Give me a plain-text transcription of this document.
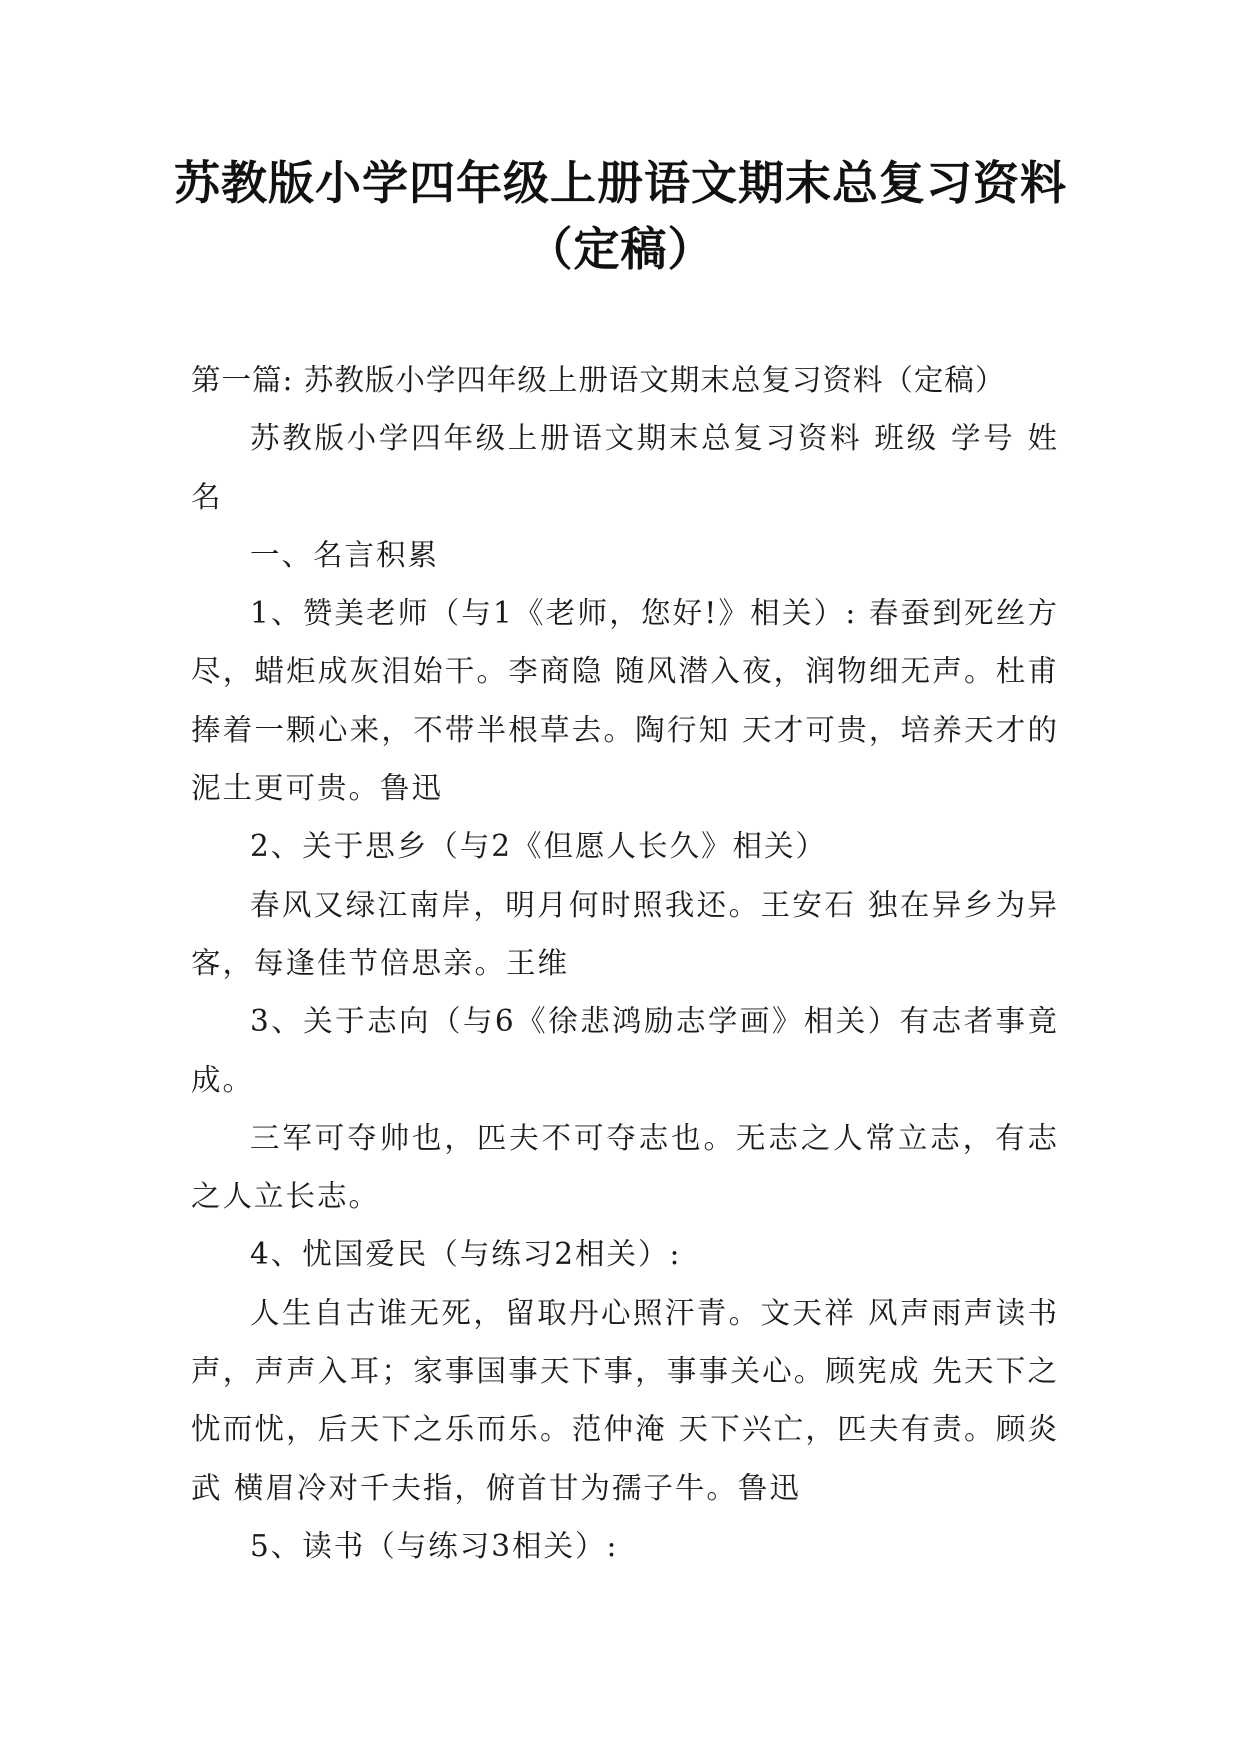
苏教版小学四年级上册语文期末总复习资料（定稿）

第一篇: 苏教版小学四年级上册语文期末总复习资料（定稿）

苏教版小学四年级上册语文期末总复习资料 班级 学号 姓名

一、名言积累

1、赞美老师（与1《老师，您好!》相关）: 春蚕到死丝方尽，蜡炬成灰泪始干。李商隐 随风潜入夜，润物细无声。杜甫 捧着一颗心来，不带半根草去。陶行知 天才可贵，培养天才的泥土更可贵。鲁迅

2、关于思乡（与2《但愿人长久》相关）

春风又绿江南岸，明月何时照我还。王安石 独在异乡为异客，每逢佳节倍思亲。王维

3、关于志向（与6《徐悲鸿励志学画》相关）有志者事竟成。

三军可夺帅也，匹夫不可夺志也。无志之人常立志，有志之人立长志。

4、忧国爱民（与练习2相关）:

人生自古谁无死，留取丹心照汗青。文天祥 风声雨声读书声，声声入耳；家事国事天下事，事事关心。顾宪成 先天下之忧而忧，后天下之乐而乐。范仲淹 天下兴亡，匹夫有责。顾炎武 横眉冷对千夫指，俯首甘为孺子牛。鲁迅

5、读书（与练习3相关）:
